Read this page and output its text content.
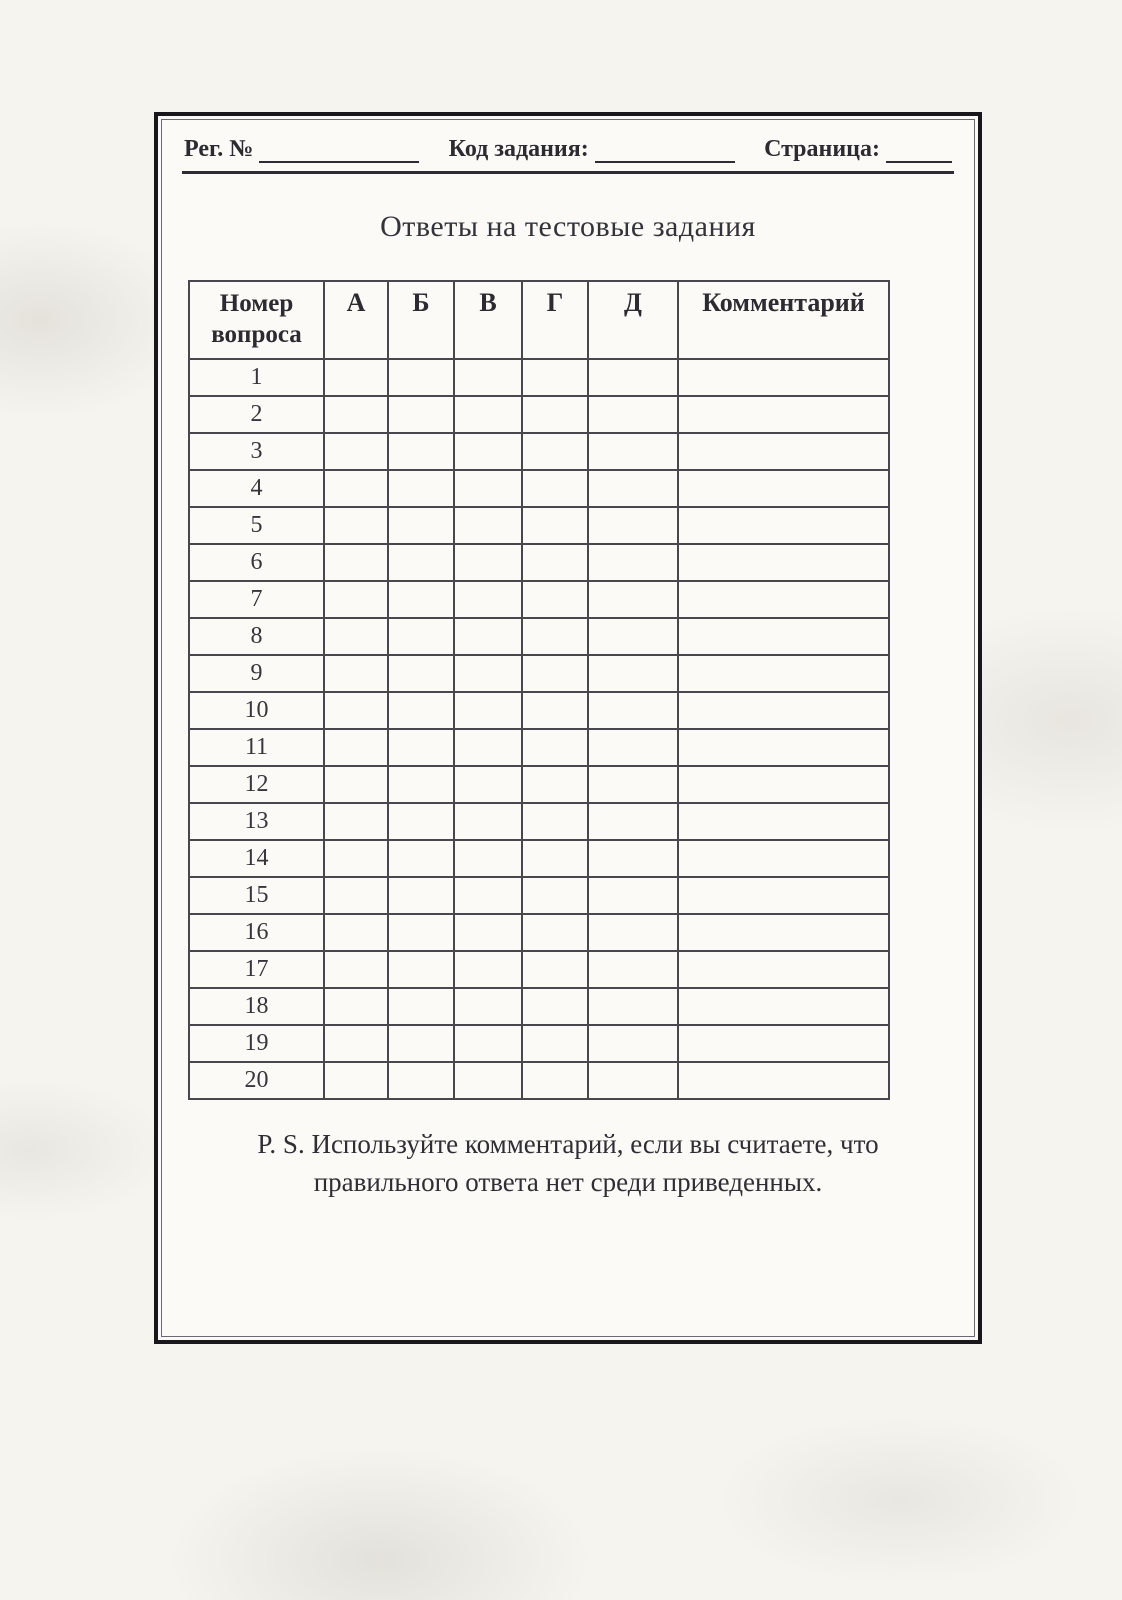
Рег. №	Код задания:	Страница:
Ответы на тестовые задания
Номер
вопроса	А	Б	В	Г	Д	Комментарий
1						
2						
3						
4						
5						
6						
7						
8						
9						
10						
11						
12						
13						
14						
15						
16						
17						
18						
19						
20						
P. S. Используйте комментарий, если вы считаете, что
правильного ответа нет среди приведенных.
